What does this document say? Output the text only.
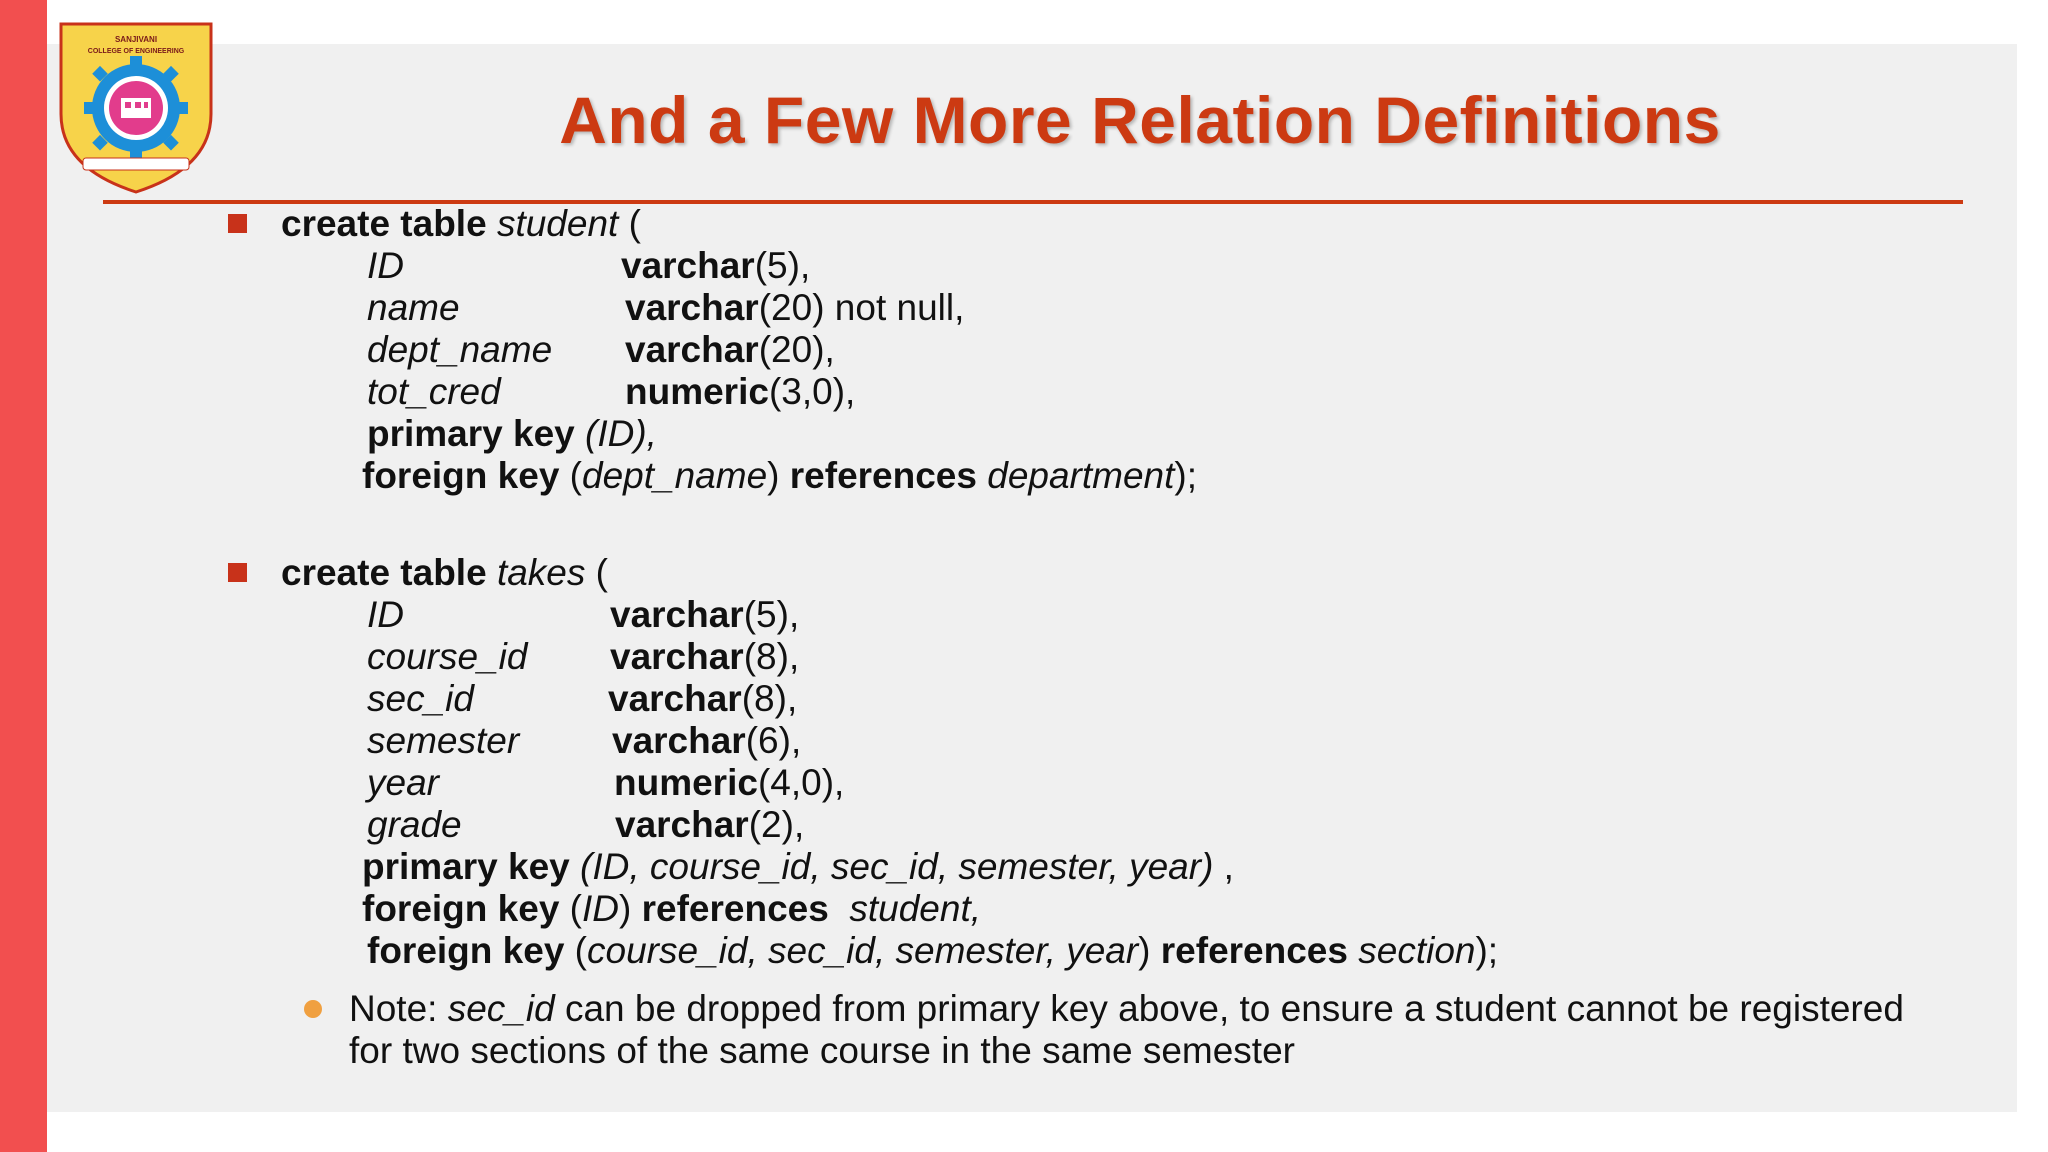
SANJIVANI
COLLEGE OF ENGINEERING
And a Few More Relation Definitions
create table student (
ID	varchar(5),
name	varchar(20) not null,
dept_name varchar(20),
tot_cred	numeric(3,0),
primary key (ID),
foreign key (dept_name) references department);
create table takes (
ID	varchar(5),
course_id varchar(8),
sec_id	varchar(8),
semester	varchar(6),
year	numeric(4,0),
grade	varchar(2),
primary key (ID, course_id, sec_id, semester, year) ,
foreign key (ID) references  student,
foreign key (course_id, sec_id, semester, year) references section);
Note: sec_id can be dropped from primary key above, to ensure a student cannot be registered
for two sections of the same course in the same semester
